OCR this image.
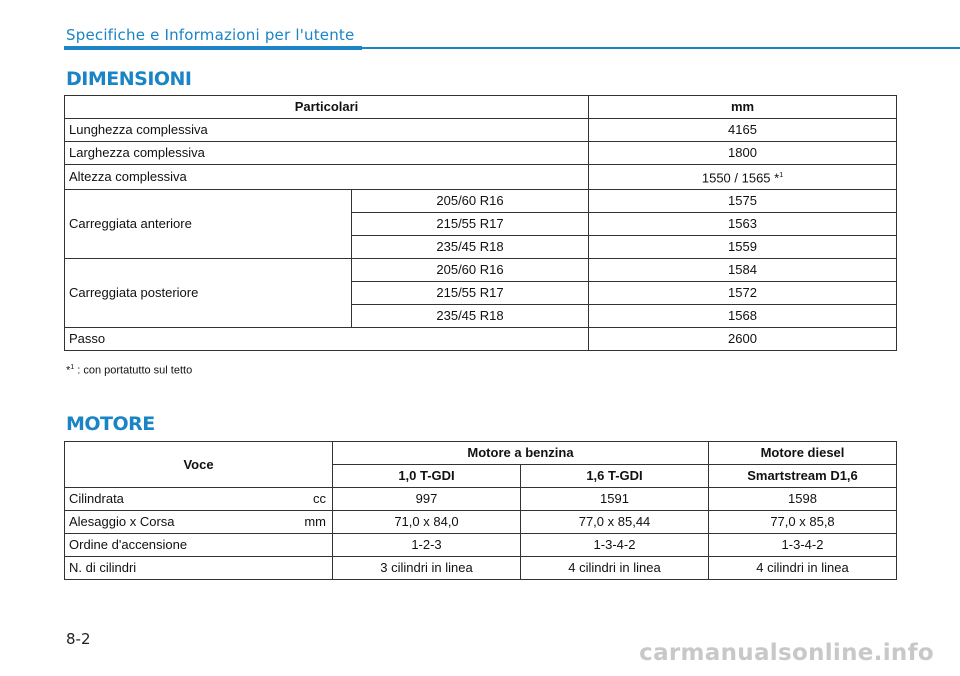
Specifiche e Informazioni per l'utente
DIMENSIONI
Particolari		mm
Lunghezza complessiva		4165
Larghezza complessiva		1800
Altezza complessiva		1550 / 1565 *$^1$
Carreggiata anteriore	205/60 R16	1575
	215/55 R17	1563
	235/45 R18	1559
Carreggiata posteriore	205/60 R16	1584
	215/55 R17	1572
	235/45 R18	1568
Passo		2600
*$^1$ : con portatutto sul tetto
MOTORE
Voce	Motore a benzina		Motore diesel
	1,0 T-GDI	1,6 T-GDI	Smartstream D1,6

Cilindrata cc	997	1591	1598

Alesaggio x Corsa mm	71,0 x 84,0	77,0 x 85,44	77,0 x 85,8

Ordine d'accensione	1-2-3	1-3-4-2	1-3-4-2

N. di cilindri	3 cilindri in linea	4 cilindri in linea	4 cilindri in linea
8-2
carmanualsonline.info
